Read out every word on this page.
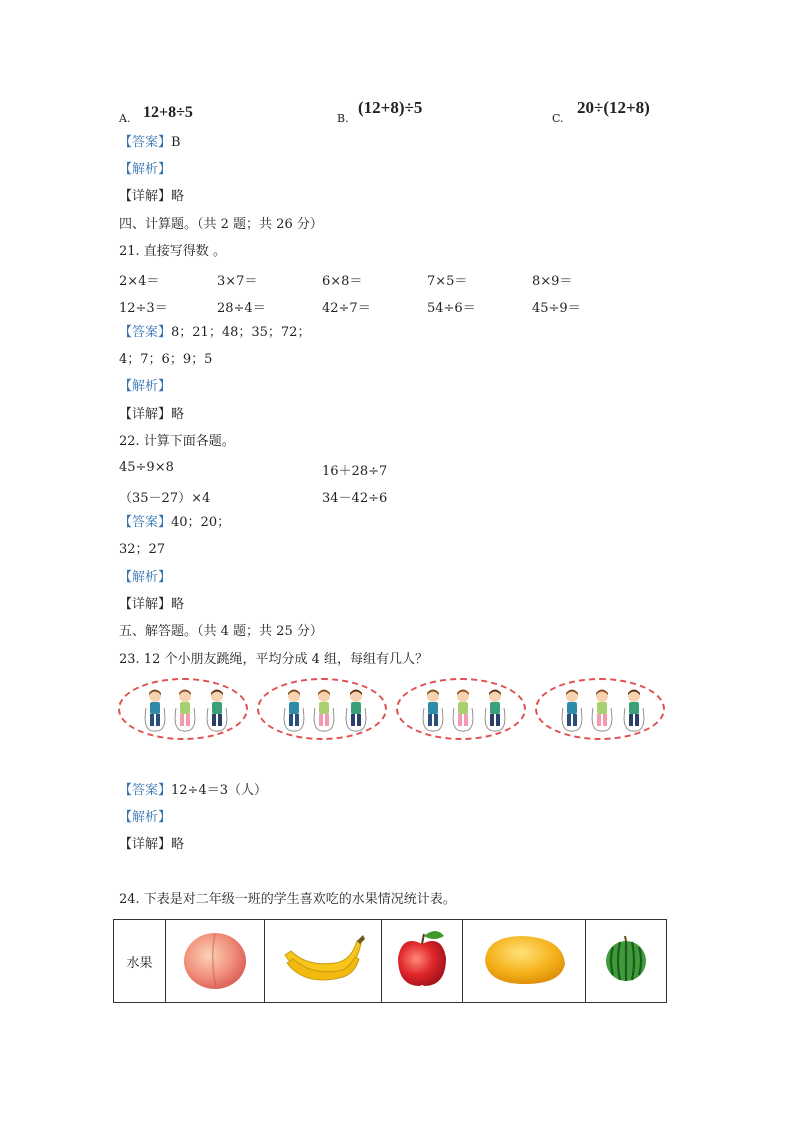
A. 12+8÷5	B.
(12+8)÷5
C.
20÷(12+8)
【答案】B
【解析】
【详解】略
四、计算题。（共 2 题；共 26 分）
21. 直接写得数 。
2×4＝	3×7＝	6×8＝	7×5＝	8×9＝
12÷3＝	28÷4＝	42÷7＝	54÷6＝	45÷9＝
【答案】8；21；48；35；72；
4；7；6；9；5
【解析】
【详解】略
22. 计算下面各题。
45÷9×8	16＋28÷7
（35－27）×4	34－42÷6
【答案】40；20；
32；27
【解析】
【详解】略
五、解答题。（共 4 题；共 25 分）
23. 12 个小朋友跳绳，平均分成 4 组，每组有几人？
【答案】12÷4＝3（人）
【解析】
【详解】略
24. 下表是对二年级一班的学生喜欢吃的水果情况统计表。
水果					
